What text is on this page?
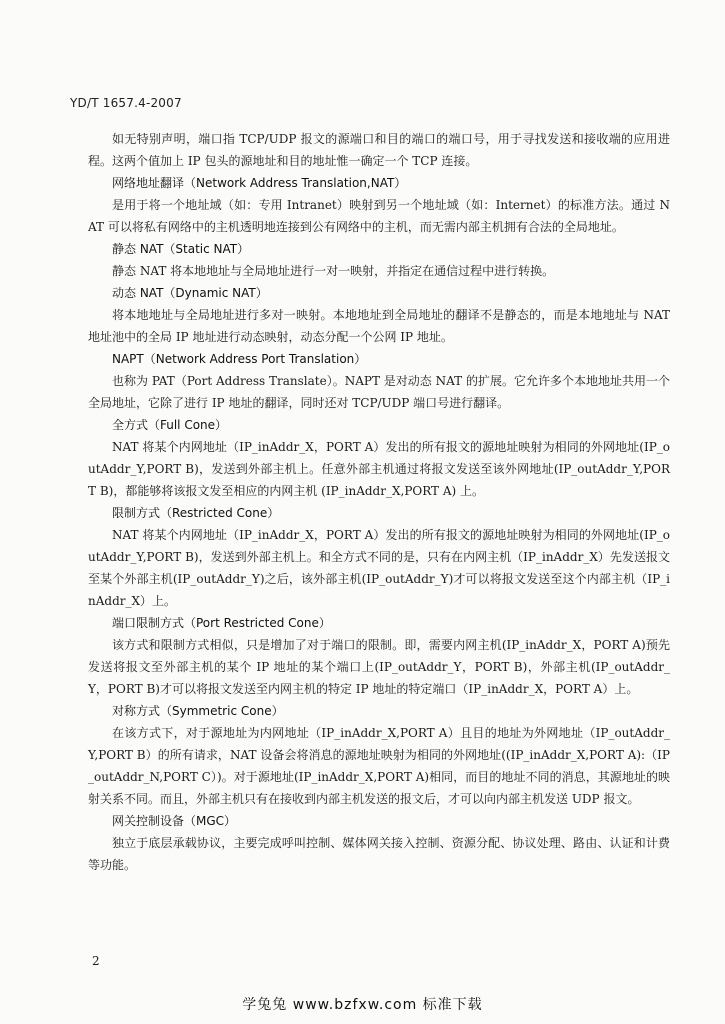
YD/T 1657.4-2007

如无特别声明，端口指 TCP/UDP 报文的源端口和目的端口的端口号，用于寻找发送和接收端的应用进程。这两个值加上 IP 包头的源地址和目的地址惟一确定一个 TCP 连接。

网络地址翻译（Network Address Translation,NAT）

是用于将一个地址域（如：专用 Intranet）映射到另一个地址域（如：Internet）的标准方法。通过 NAT 可以将私有网络中的主机透明地连接到公有网络中的主机，而无需内部主机拥有合法的全局地址。

静态 NAT（Static NAT）

静态 NAT 将本地地址与全局地址进行一对一映射，并指定在通信过程中进行转换。

动态 NAT（Dynamic NAT）

将本地地址与全局地址进行多对一映射。本地地址到全局地址的翻译不是静态的，而是本地地址与 NAT 地址池中的全局 IP 地址进行动态映射，动态分配一个公网 IP 地址。

NAPT（Network Address Port Translation）

也称为 PAT（Port Address Translate）。NAPT 是对动态 NAT 的扩展。它允许多个本地地址共用一个全局地址，它除了进行 IP 地址的翻译，同时还对 TCP/UDP 端口号进行翻译。

全方式（Full Cone）

NAT 将某个内网地址（IP_inAddr_X，PORT A）发出的所有报文的源地址映射为相同的外网地址(IP_outAddr_Y,PORT B)，发送到外部主机上。任意外部主机通过将报文发送至该外网地址(IP_outAddr_Y,PORT B)，都能够将该报文发至相应的内网主机 (IP_inAddr_X,PORT A) 上。

限制方式（Restricted Cone）

NAT 将某个内网地址（IP_inAddr_X，PORT A）发出的所有报文的源地址映射为相同的外网地址(IP_outAddr_Y,PORT B)，发送到外部主机上。和全方式不同的是，只有在内网主机（IP_inAddr_X）先发送报文至某个外部主机(IP_outAddr_Y)之后，该外部主机(IP_outAddr_Y)才可以将报文发送至这个内部主机（IP_inAddr_X）上。

端口限制方式（Port Restricted Cone）

该方式和限制方式相似，只是增加了对于端口的限制。即，需要内网主机(IP_inAddr_X，PORT A)预先发送将报文至外部主机的某个 IP 地址的某个端口上(IP_outAddr_Y，PORT B)，外部主机(IP_outAddr_Y，PORT B)才可以将报文发送至内网主机的特定 IP 地址的特定端口（IP_inAddr_X，PORT A）上。

对称方式（Symmetric Cone）

在该方式下，对于源地址为内网地址（IP_inAddr_X,PORT A）且目的地址为外网地址（IP_outAddr_Y,PORT B）的所有请求，NAT 设备会将消息的源地址映射为相同的外网地址((IP_inAddr_X,PORT A):（IP_outAddr_N,PORT C）)。对于源地址(IP_inAddr_X,PORT A)相同，而目的地址不同的消息，其源地址的映射关系不同。而且，外部主机只有在接收到内部主机发送的报文后，才可以向内部主机发送 UDP 报文。

网关控制设备（MGC）

独立于底层承载协议，主要完成呼叫控制、媒体网关接入控制、资源分配、协议处理、路由、认证和计费等功能。

2
学兔兔 www.bzfxw.com 标准下载
